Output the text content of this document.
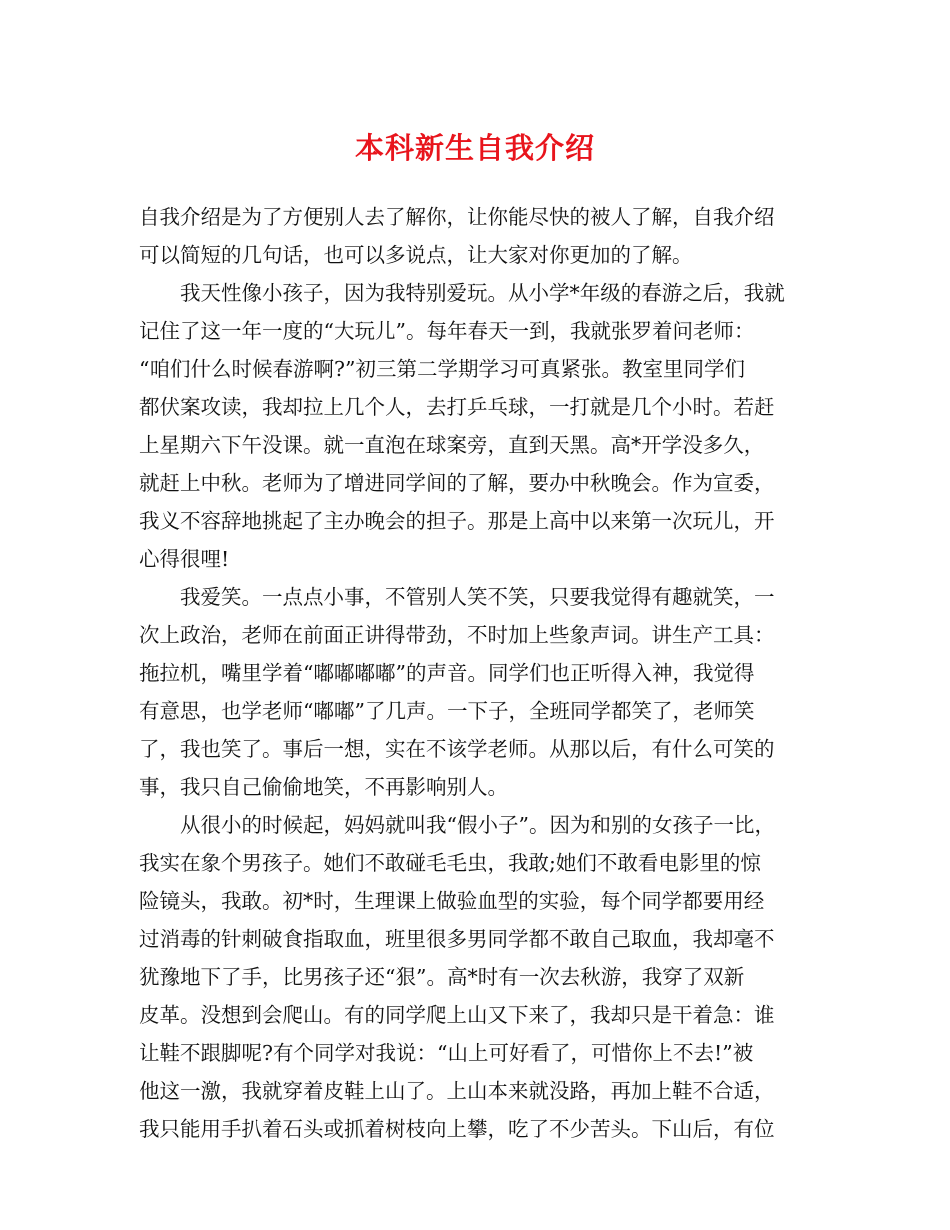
本科新生自我介绍

自我介绍是为了方便别人去了解你，让你能尽快的被人了解，自我介绍
可以简短的几句话，也可以多说点，让大家对你更加的了解。

　　我天性像小孩子，因为我特别爱玩。从小学*年级的春游之后，我就
记住了这一年一度的“大玩儿”。每年春天一到，我就张罗着问老师：
“咱们什么时候春游啊?”初三第二学期学习可真紧张。教室里同学们
都伏案攻读，我却拉上几个人，去打乒乓球，一打就是几个小时。若赶
上星期六下午没课。就一直泡在球案旁，直到天黑。高*开学没多久，
就赶上中秋。老师为了增进同学间的了解，要办中秋晚会。作为宣委，
我义不容辞地挑起了主办晚会的担子。那是上高中以来第一次玩儿，开
心得很哩!

　　我爱笑。一点点小事，不管别人笑不笑，只要我觉得有趣就笑，一
次上政治，老师在前面正讲得带劲，不时加上些象声词。讲生产工具：
拖拉机，嘴里学着“嘟嘟嘟嘟”的声音。同学们也正听得入神，我觉得
有意思，也学老师“嘟嘟”了几声。一下子，全班同学都笑了，老师笑
了，我也笑了。事后一想，实在不该学老师。从那以后，有什么可笑的
事，我只自己偷偷地笑，不再影响别人。

　　从很小的时候起，妈妈就叫我“假小子”。因为和别的女孩子一比，
我实在象个男孩子。她们不敢碰毛毛虫，我敢;她们不敢看电影里的惊
险镜头，我敢。初*时，生理课上做验血型的实验，每个同学都要用经
过消毒的针刺破食指取血，班里很多男同学都不敢自己取血，我却毫不
犹豫地下了手，比男孩子还“狠”。高*时有一次去秋游，我穿了双新
皮革。没想到会爬山。有的同学爬上山又下来了，我却只是干着急：谁
让鞋不跟脚呢?有个同学对我说：“山上可好看了，可惜你上不去!”被
他这一激，我就穿着皮鞋上山了。上山本来就没路，再加上鞋不合适，
我只能用手扒着石头或抓着树枝向上攀，吃了不少苦头。下山后，有位
